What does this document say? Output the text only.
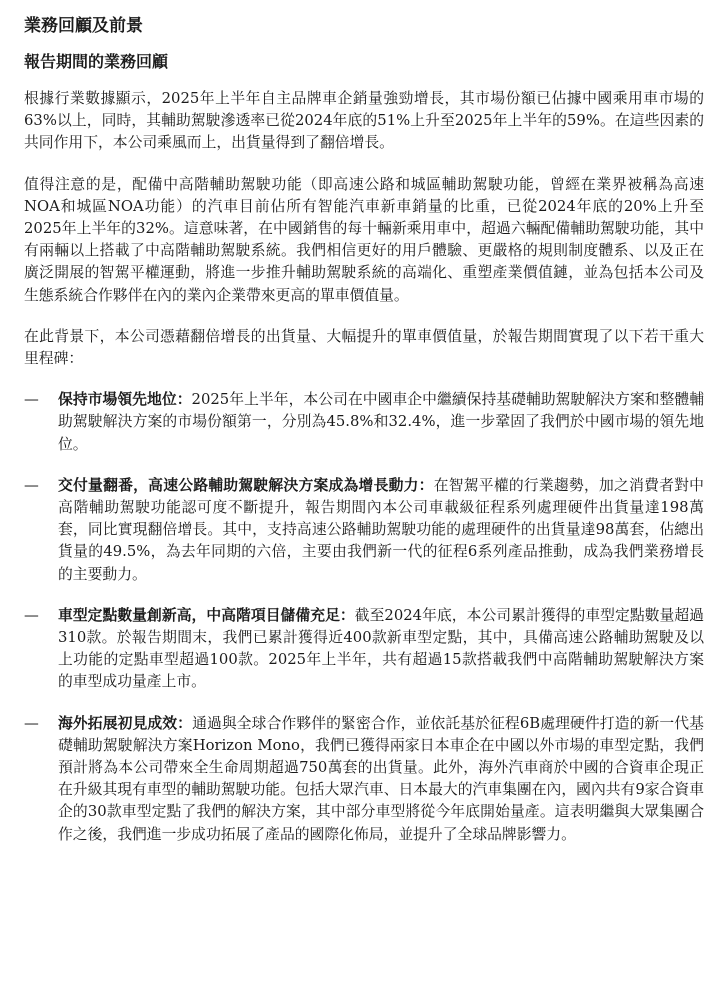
業務回顧及前景
報告期間的業務回顧

根據行業數據顯示，2025年上半年自主品牌車企銷量強勁增長，其市場份額已佔據中國乘用車市場的63%以上，同時，其輔助駕駛滲透率已從2024年底的51%上升至2025年上半年的59%。在這些因素的共同作用下，本公司乘風而上，出貨量得到了翻倍增長。

值得注意的是，配備中高階輔助駕駛功能（即高速公路和城區輔助駕駛功能，曾經在業界被稱為高速NOA和城區NOA功能）的汽車目前佔所有智能汽車新車銷量的比重，已從2024年底的20%上升至2025年上半年的32%。這意味著，在中國銷售的每十輛新乘用車中，超過六輛配備輔助駕駛功能，其中有兩輛以上搭載了中高階輔助駕駛系統。我們相信更好的用戶體驗、更嚴格的規則制度體系、以及正在廣泛開展的智駕平權運動，將進一步推升輔助駕駛系統的高端化、重塑產業價值鏈，並為包括本公司及生態系統合作夥伴在內的業內企業帶來更高的單車價值量。

在此背景下，本公司憑藉翻倍增長的出貨量、大幅提升的單車價值量，於報告期間實現了以下若干重大里程碑：

—	保持市場領先地位：2025年上半年，本公司在中國車企中繼續保持基礎輔助駕駛解決方案和整體輔助駕駛解決方案的市場份額第一，分別為45.8%和32.4%，進一步鞏固了我們於中國市場的領先地位。
—	交付量翻番，高速公路輔助駕駛解決方案成為增長動力：在智駕平權的行業趨勢，加之消費者對中高階輔助駕駛功能認可度不斷提升，報告期間內本公司車載級征程系列處理硬件出貨量達198萬套，同比實現翻倍增長。其中，支持高速公路輔助駕駛功能的處理硬件的出貨量達98萬套，佔總出貨量的49.5%，為去年同期的六倍，主要由我們新一代的征程6系列產品推動，成為我們業務增長的主要動力。
—	車型定點數量創新高，中高階項目儲備充足：截至2024年底，本公司累計獲得的車型定點數量超過310款。於報告期間末，我們已累計獲得近400款新車型定點，其中，具備高速公路輔助駕駛及以上功能的定點車型超過100款。2025年上半年，共有超過15款搭載我們中高階輔助駕駛解決方案的車型成功量產上市。
—	海外拓展初見成效：通過與全球合作夥伴的緊密合作，並依託基於征程6B處理硬件打造的新一代基礎輔助駕駛解決方案Horizon Mono，我們已獲得兩家日本車企在中國以外市場的車型定點，我們預計將為本公司帶來全生命周期超過750萬套的出貨量。此外，海外汽車商於中國的合資車企現正在升級其現有車型的輔助駕駛功能。包括大眾汽車、日本最大的汽車集團在內，國內共有9家合資車企的30款車型定點了我們的解決方案，其中部分車型將從今年底開始量產。這表明繼與大眾集團合作之後，我們進一步成功拓展了產品的國際化佈局，並提升了全球品牌影響力。
